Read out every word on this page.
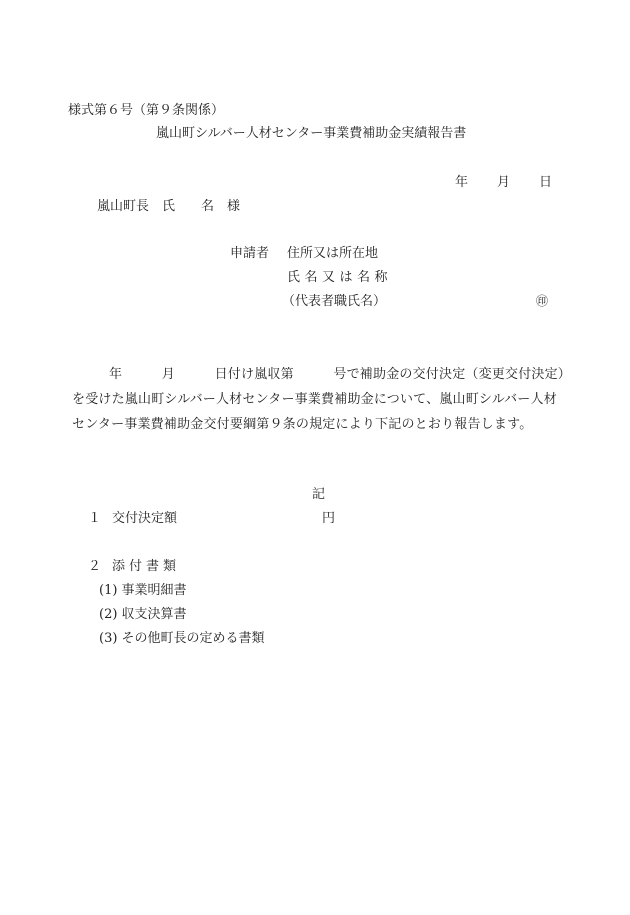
様式第６号（第９条関係）
嵐山町シルバー人材センター事業費補助金実績報告書
年 月 日
嵐山町長　氏　　名　様
申請者 住所又は所在地
氏名又は名称
（代表者職氏名）	㊞
年　　　月　　　日付け嵐収第　　　号で補助金の交付決定（変更交付決定）を受けた嵐山町シルバー人材センター事業費補助金について、嵐山町シルバー人材センター事業費補助金交付要綱第９条の規定により下記のとおり報告します。
記
１ 交付決定額	円
２ 添付書類
(1) 事業明細書
(2) 収支決算書
(3) その他町長の定める書類
